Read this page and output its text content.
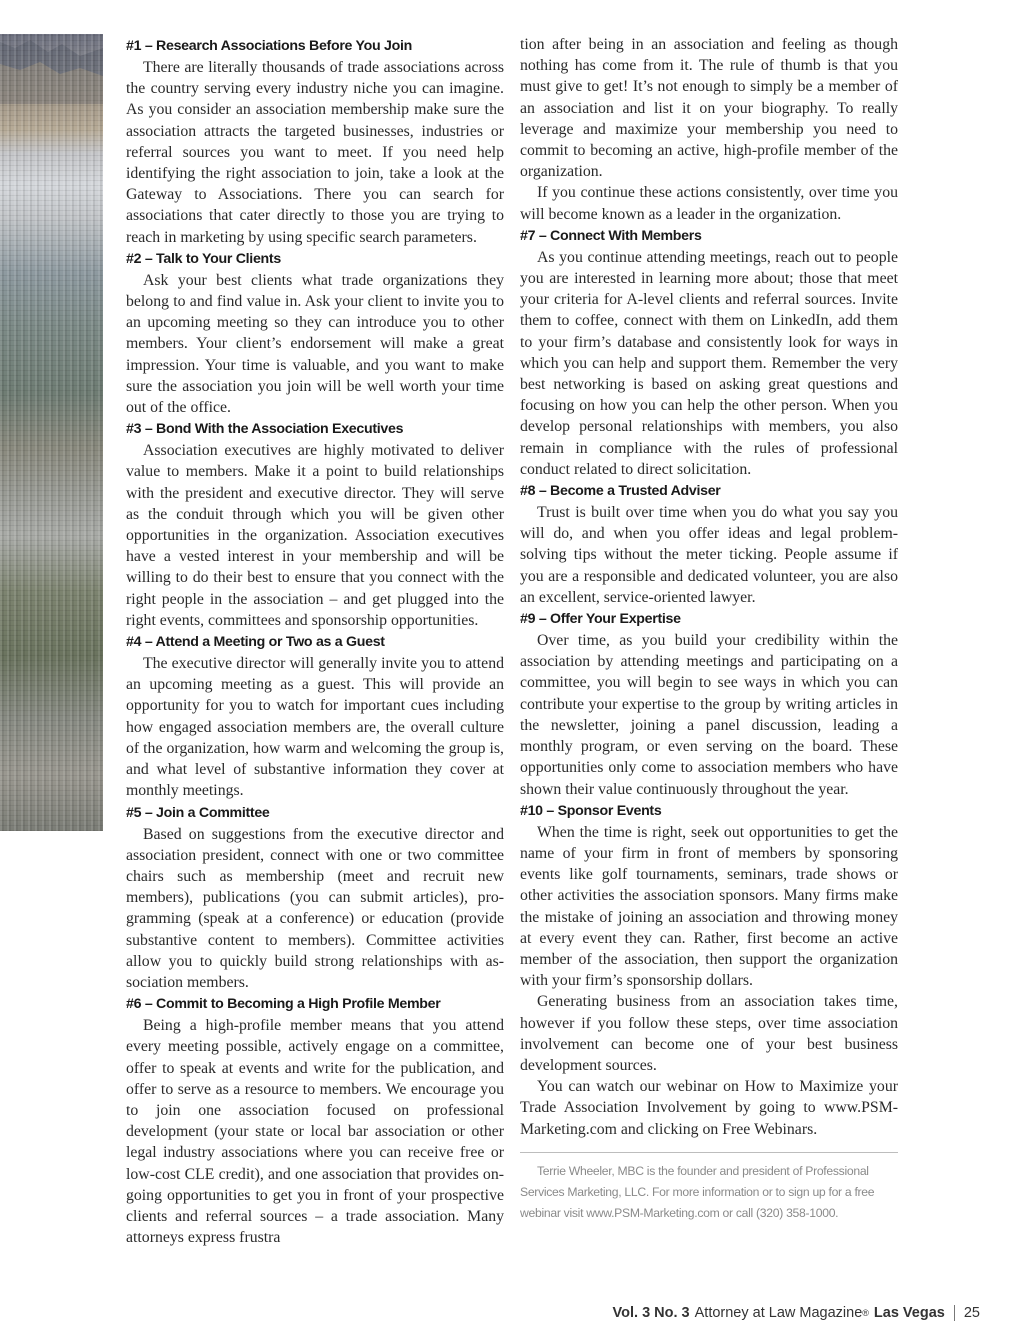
#1 – Research Associations Before You Join

There are literally thousands of trade associations across the country serving every industry niche you can imagine. As you consider an association membership make sure the association attracts the targeted businesses, industries or referral sources you want to meet. If you need help identifying the right association to join, take a look at the Gateway to Associations. There you can search for associations that cater directly to those you are trying to reach in marketing by using specific search parameters.

#2 – Talk to Your Clients

Ask your best clients what trade organizations they belong to and find value in. Ask your client to invite you to an upcoming meeting so they can introduce you to other members. Your client’s endorsement will make a great impression. Your time is valuable, and you want to make sure the association you join will be well worth your time out of the office.

#3 – Bond With the Association Executives

Association executives are highly motivated to deliver value to members. Make it a point to build relationships with the president and executive director. They will serve as the conduit through which you will be given other opportunities in the organization. Association executives have a vested interest in your membership and will be willing to do their best to ensure that you connect with the right people in the association – and get plugged into the right events, committees and sponsorship opportunities.

#4 – Attend a Meeting or Two as a Guest

The executive director will generally invite you to attend an upcoming meeting as a guest. This will provide an opportunity for you to watch for important cues including how engaged association members are, the overall culture of the organization, how warm and welcoming the group is, and what level of substantive information they cover at monthly meetings.

#5 – Join a Committee

Based on suggestions from the executive director and association president, connect with one or two committee chairs such as membership (meet and recruit new members), publications (you can submit articles), programming (speak at a conference) or education (provide substantive content to members). Committee activities allow you to quickly build strong relationships with association members.

#6 – Commit to Becoming a High Profile Member

Being a high-profile member means that you attend every meeting possible, actively engage on a committee, offer to speak at events and write for the publication, and offer to serve as a resource to members. We encourage you to join one association focused on professional development (your state or local bar association or other legal industry associations where you can receive free or low-cost CLE credit), and one association that provides on-going opportunities to get you in front of your prospective clients and referral sources – a trade association. Many attorneys express frustra

tion after being in an association and feeling as though nothing has come from it. The rule of thumb is that you must give to get! It’s not enough to simply be a member of an association and list it on your biography. To really leverage and maximize your membership you need to commit to becoming an active, high-profile member of the organization.

If you continue these actions consistently, over time you will become known as a leader in the organization.

#7 – Connect With Members

As you continue attending meetings, reach out to people you are interested in learning more about; those that meet your criteria for A-level clients and referral sources. Invite them to coffee, connect with them on LinkedIn, add them to your firm’s database and consistently look for ways in which you can help and support them. Remember the very best networking is based on asking great questions and focusing on how you can help the other person. When you develop personal relationships with members, you also remain in compliance with the rules of professional conduct related to direct solicitation.

#8 – Become a Trusted Adviser

Trust is built over time when you do what you say you will do, and when you offer ideas and legal problem-solving tips without the meter ticking. People assume if you are a responsible and dedicated volunteer, you are also an excellent, service-oriented lawyer.

#9 – Offer Your Expertise

Over time, as you build your credibility within the association by attending meetings and participating on a committee, you will begin to see ways in which you can contribute your expertise to the group by writing articles in the newsletter, joining a panel discussion, leading a monthly program, or even serving on the board. These opportunities only come to association members who have shown their value continuously throughout the year.

#10 – Sponsor Events

When the time is right, seek out opportunities to get the name of your firm in front of members by sponsoring events like golf tournaments, seminars, trade shows or other activities the association sponsors. Many firms make the mistake of joining an association and throwing money at every event they can. Rather, first become an active member of the association, then support the organization with your firm’s sponsorship dollars.

Generating business from an association takes time, however if you follow these steps, over time association involvement can become one of your best business development sources.

You can watch our webinar on How to Maximize your Trade Association Involvement by going to www.PSM-Marketing.com and clicking on Free Webinars.

Terrie Wheeler, MBC is the founder and president of Professional Services Marketing, LLC. For more information or to sign up for a free webinar visit www.PSM-Marketing.com or call (320) 358-1000.

Vol. 3 No. 3 Attorney at Law Magazine ® Las Vegas 25
